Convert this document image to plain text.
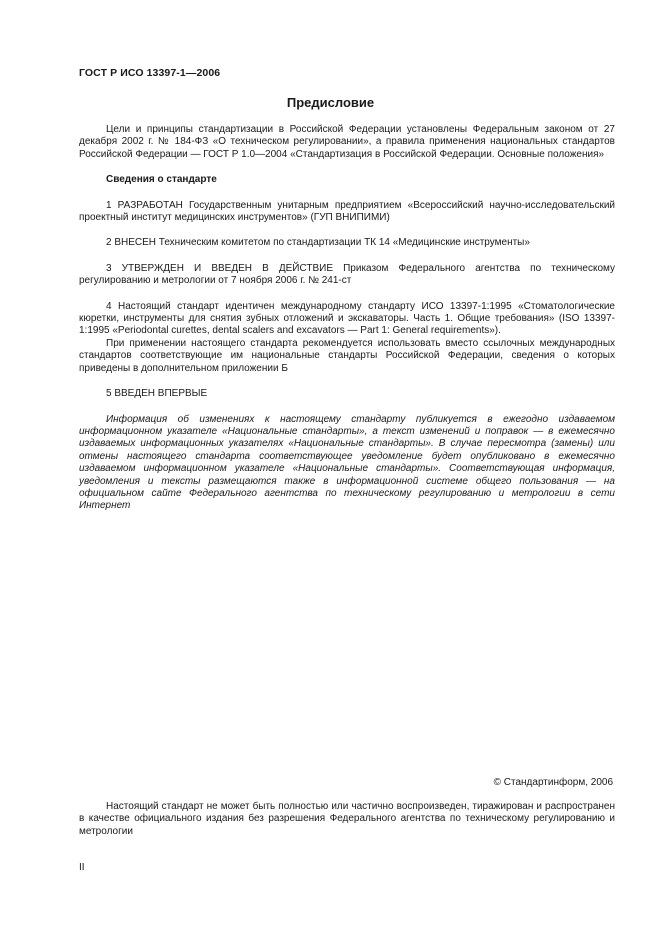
ГОСТ Р ИСО 13397-1—2006
Предисловие

Цели и принципы стандартизации в Российской Федерации установлены Федеральным законом от 27 декабря 2002 г. № 184-ФЗ «О техническом регулировании», а правила применения национальных стандартов Российской Федерации — ГОСТ Р 1.0—2004 «Стандартизация в Российской Федерации. Основные положения»

Сведения о стандарте

1 РАЗРАБОТАН Государственным унитарным предприятием «Всероссийский научно-исследовательский проектный институт медицинских инструментов» (ГУП ВНИПИМИ)

2 ВНЕСЕН Техническим комитетом по стандартизации ТК 14 «Медицинские инструменты»

3 УТВЕРЖДЕН И ВВЕДЕН В ДЕЙСТВИЕ Приказом Федерального агентства по техническому регулированию и метрологии от 7 ноября 2006 г. № 241-ст

4 Настоящий стандарт идентичен международному стандарту ИСО 13397-1:1995 «Стоматологические кюретки, инструменты для снятия зубных отложений и экскаваторы. Часть 1. Общие требования» (ISO 13397-1:1995 «Periodontal curettes, dental scalers and excavators — Part 1: General requirements»).

При применении настоящего стандарта рекомендуется использовать вместо ссылочных международных стандартов соответствующие им национальные стандарты Российской Федерации, сведения о которых приведены в дополнительном приложении Б

5 ВВЕДЕН ВПЕРВЫЕ

Информация об изменениях к настоящему стандарту публикуется в ежегодно издаваемом информационном указателе «Национальные стандарты», а текст изменений и поправок — в ежемесячно издаваемых информационных указателях «Национальные стандарты». В случае пересмотра (замены) или отмены настоящего стандарта соответствующее уведомление будет опубликовано в ежемесячно издаваемом информационном указателе «Национальные стандарты». Соответствующая информация, уведомления и тексты размещаются также в информационной системе общего пользования — на официальном сайте Федерального агентства по техническому регулированию и метрологии в сети Интернет

© Стандартинформ, 2006

Настоящий стандарт не может быть полностью или частично воспроизведен, тиражирован и распространен в качестве официального издания без разрешения Федерального агентства по техническому регулированию и метрологии

II
